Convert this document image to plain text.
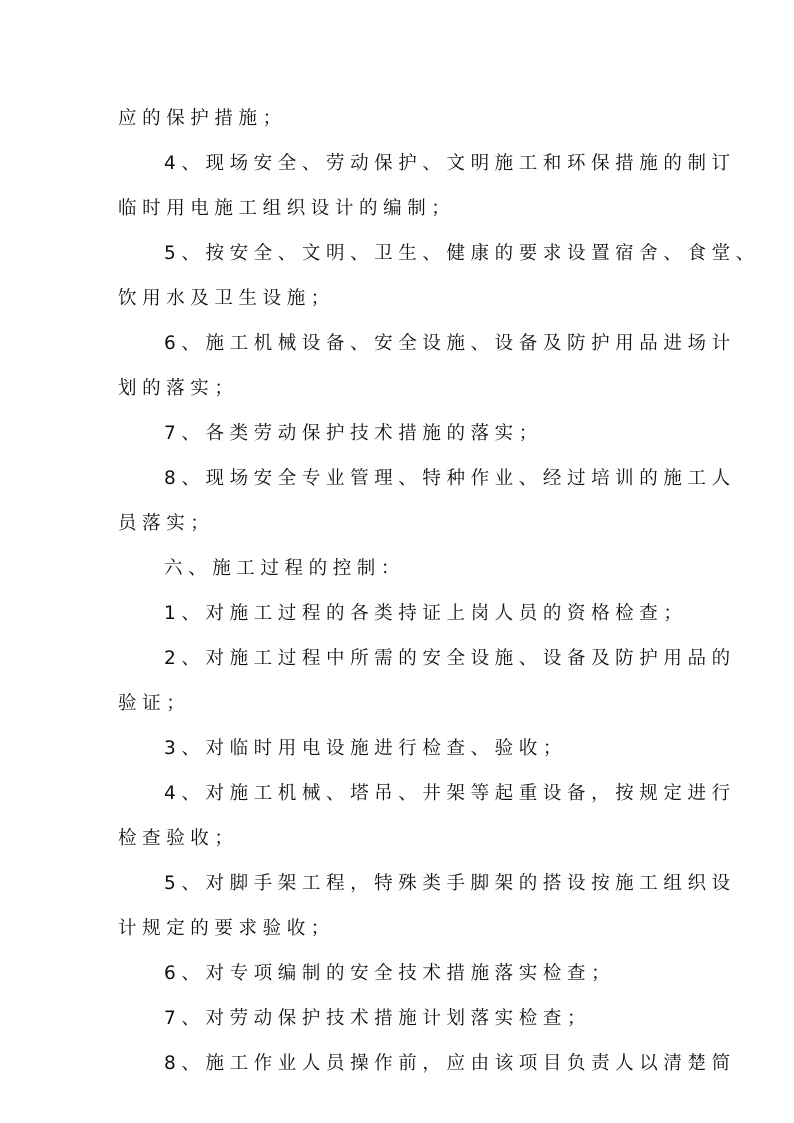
应的保护措施；
4、现场安全、劳动保护、文明施工和环保措施的制订
临时用电施工组织设计的编制；
5、按安全、文明、卫生、健康的要求设置宿舍、食堂、
饮用水及卫生设施；
6、施工机械设备、安全设施、设备及防护用品进场计
划的落实；
7、各类劳动保护技术措施的落实；
8、现场安全专业管理、特种作业、经过培训的施工人
员落实；
六、施工过程的控制：
1、对施工过程的各类持证上岗人员的资格检查；
2、对施工过程中所需的安全设施、设备及防护用品的
验证；
3、对临时用电设施进行检查、验收；
4、对施工机械、塔吊、井架等起重设备，按规定进行
检查验收；
5、对脚手架工程，特殊类手脚架的搭设按施工组织设
计规定的要求验收；
6、对专项编制的安全技术措施落实检查；
7、对劳动保护技术措施计划落实检查；
8、施工作业人员操作前，应由该项目负责人以清楚简
